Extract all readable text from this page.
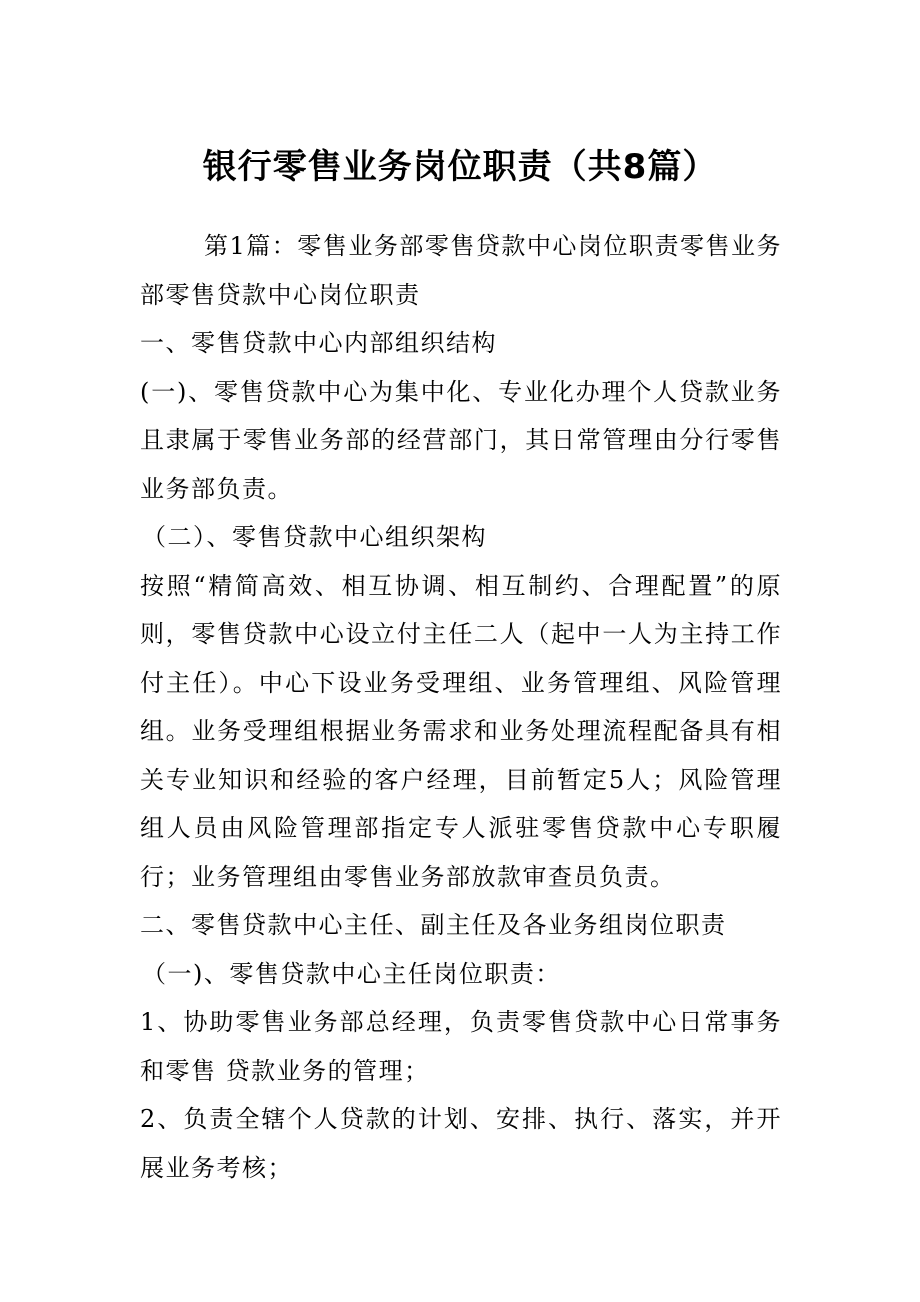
银行零售业务岗位职责（共8篇）

第1篇：零售业务部零售贷款中心岗位职责零售业务部零售贷款中心岗位职责

一、零售贷款中心内部组织结构

(一)、零售贷款中心为集中化、专业化办理个人贷款业务且隶属于零售业务部的经营部门，其日常管理由分行零售业务部负责。

（二）、零售贷款中心组织架构

按照“精简高效、相互协调、相互制约、合理配置”的原则，零售贷款中心设立付主任二人（起中一人为主持工作付主任）。中心下设业务受理组、业务管理组、风险管理组。业务受理组根据业务需求和业务处理流程配备具有相关专业知识和经验的客户经理，目前暂定5人；风险管理组人员由风险管理部指定专人派驻零售贷款中心专职履行；业务管理组由零售业务部放款审查员负责。

二、零售贷款中心主任、副主任及各业务组岗位职责

（一)、零售贷款中心主任岗位职责：

1、协助零售业务部总经理，负责零售贷款中心日常事务和零售 贷款业务的管理；

2、负责全辖个人贷款的计划、安排、执行、落实，并开展业务考核；
